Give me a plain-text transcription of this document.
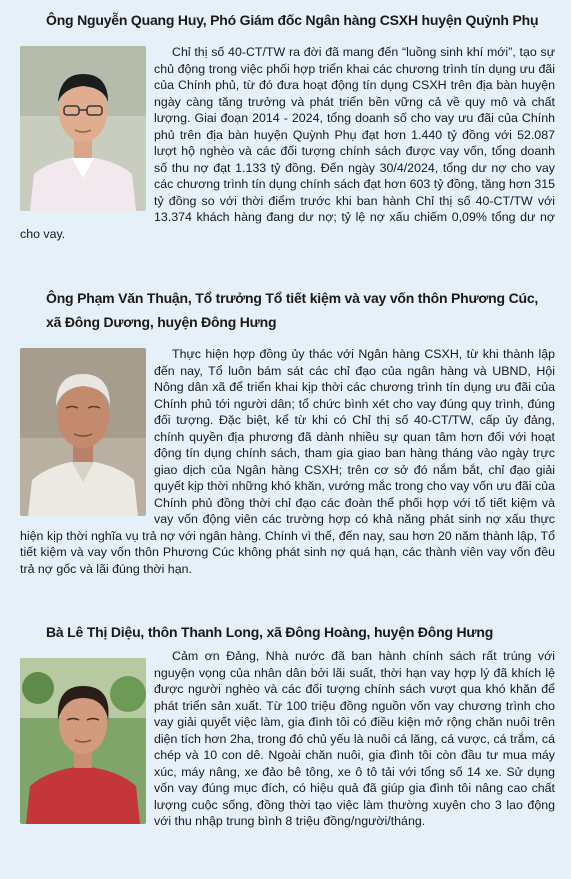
Ông Nguyễn Quang Huy, Phó Giám đốc Ngân hàng CSXH huyện Quỳnh Phụ
Chỉ thị số 40-CT/TW ra đời đã mang đến “luồng sinh khí mới”, tạo sự chủ động trong việc phối hợp triển khai các chương trình tín dụng ưu đãi của Chính phủ, từ đó đưa hoạt động tín dụng CSXH trên địa bàn huyện ngày càng tăng trưởng và phát triển bền vững cả về quy mô và chất lượng. Giai đoạn 2014 - 2024, tổng doanh số cho vay ưu đãi của Chính phủ trên địa bàn huyện Quỳnh Phụ đạt hơn 1.440 tỷ đồng với 52.087 lượt hộ nghèo và các đối tượng chính sách được vay vốn, tổng doanh số thu nợ đạt 1.133 tỷ đồng. Đến ngày 30/4/2024, tổng dư nợ cho vay các chương trình tín dụng chính sách đạt hơn 603 tỷ đồng, tăng hơn 315 tỷ đồng so với thời điểm trước khi ban hành Chỉ thị số 40-CT/TW với 13.374 khách hàng đang dư nợ; tỷ lệ nợ xấu chiếm 0,09% tổng dư nợ cho vay.
Ông Phạm Văn Thuận, Tổ trưởng Tổ tiết kiệm và vay vốn thôn Phương Cúc,
xã Đông Dương, huyện Đông Hưng
Thực hiện hợp đồng ủy thác với Ngân hàng CSXH, từ khi thành lập đến nay, Tổ luôn bám sát các chỉ đạo của ngân hàng và UBND, Hội Nông dân xã để triển khai kịp thời các chương trình tín dụng ưu đãi của Chính phủ tới người dân; tổ chức bình xét cho vay đúng quy trình, đúng đối tượng. Đặc biệt, kể từ khi có Chỉ thị số 40-CT/TW, cấp ủy đảng, chính quyền địa phương đã dành nhiều sự quan tâm hơn đối với hoạt động tín dụng chính sách, tham gia giao ban hàng tháng vào ngày trực giao dịch của Ngân hàng CSXH; trên cơ sở đó nắm bắt, chỉ đạo giải quyết kịp thời những khó khăn, vướng mắc trong cho vay vốn ưu đãi của Chính phủ đồng thời chỉ đạo các đoàn thể phối hợp với tổ tiết kiệm và vay vốn động viên các trường hợp có khả năng phát sinh nợ xấu thực hiện kịp thời nghĩa vụ trả nợ với ngân hàng. Chính vì thế, đến nay, sau hơn 20 năm thành lập, Tổ tiết kiệm và vay vốn thôn Phương Cúc không phát sinh nợ quá hạn, các thành viên vay vốn đều trả nợ gốc và lãi đúng thời hạn.
Bà Lê Thị Diệu, thôn Thanh Long, xã Đông Hoàng, huyện Đông Hưng
Cảm ơn Đảng, Nhà nước đã ban hành chính sách rất trúng với nguyện vọng của nhân dân bởi lãi suất, thời hạn vay hợp lý đã khích lệ được người nghèo và các đối tượng chính sách vượt qua khó khăn để phát triển sản xuất. Từ 100 triệu đồng nguồn vốn vay chương trình cho vay giải quyết việc làm, gia đình tôi có điều kiện mở rộng chăn nuôi trên diện tích hơn 2ha, trong đó chủ yếu là nuôi cá lăng, cá vược, cá trắm, cá chép và 10 con dê. Ngoài chăn nuôi, gia đình tôi còn đầu tư mua máy xúc, máy nâng, xe đảo bê tông, xe ô tô tải với tổng số 14 xe. Sử dụng vốn vay đúng mục đích, có hiệu quả đã giúp gia đình tôi nâng cao chất lượng cuộc sống, đồng thời tạo việc làm thường xuyên cho 3 lao động với thu nhập trung bình 8 triệu đồng/người/tháng.
